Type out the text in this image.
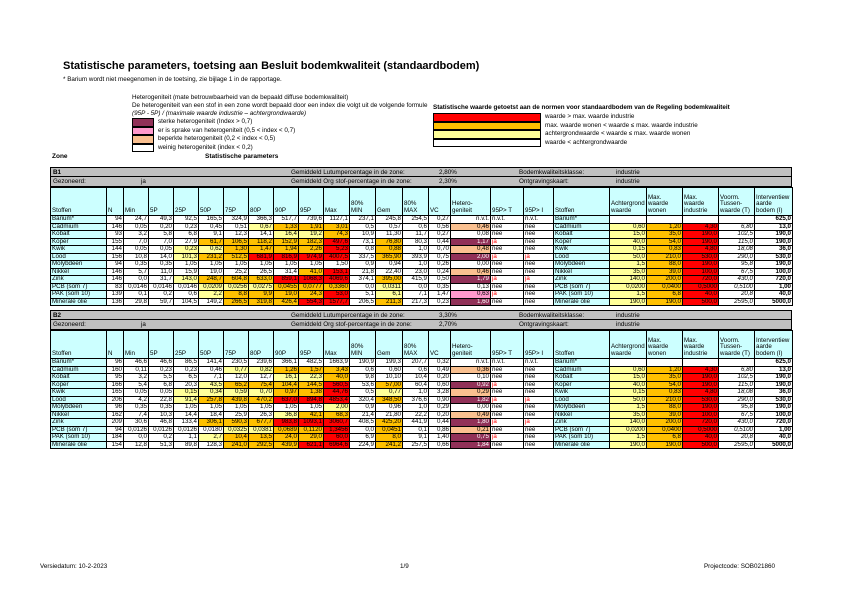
Statistische parameters, toetsing aan Besluit bodemkwaliteit (standaardbodem)
* Barium wordt niet meegenomen in de toetsing, zie bijlage 1 in de rapportage.
Heterogeniteit (mate betrouwbaarheid van de bepaald diffuse bodemkwaliteit)
De heterogeniteit van een stof in een zone wordt bepaald door een index die volgt uit de volgende formule
(95P - 5P) / (maximale waarde industrie – achtergrondwaarde)
sterke heterogeniteit (Index > 0,7)
er is sprake van heterogeniteit (0,5 < index < 0,7)
beperkte heterogeniteit (0,2 < index < 0,5)
weinig heterogeniteit (index < 0,2)
Statistische waarde getoetst aan de normen voor standaardbodem van de Regeling bodemkwaliteit
waarde > max. waarde industrie
max. waarde wonen < waarde ≤ max. waarde industrie
achtergrondwaarde < waarde ≤ max. waarde wonen
waarde < achtergrondwaarde
Zone	Statistische parameters
B1	Gemiddeld Lutumpercentage in de zone:	2,80%	Bodemkwaliteitsklasse:	industrie
Gezoneerd:	ja	Gemiddeld Org stof-percentage in de zone:	2,30%	Ontgravingskaart:	industrie
Stoffen	N	Min	5P	25P	50P	75P	80P	90P	95P	Max	80% MIN	Gem	80% MAX	VC	Hetero- geniteit	95P> T	95P> I	Stoffen	Achtergrond waarde	Max. waarde wonen	Max. waarde industrie	Voorm. Tussen- waarde (T)	Interventiew aarde bodem (I)
Barium*	94	24,7	49,3	92,5	165,5	324,9	366,3	517,7	739,6	1127,1	237,1	245,8	254,5	0,27	n.v.t.	n.v.t.	n.v.t.	Barium*					625,0
Cadmium	146	0,05	0,20	0,23	0,45	0,51	0,67	1,33	1,91	3,01	0,5	0,57	0,6	0,56	0,46	nee	nee	Cadmium	0,60	1,20	4,30	6,80	13,0
Kobalt	93	3,2	5,8	6,8	9,1	12,3	14,1	16,4	19,2	74,3	10,9	11,30	11,7	0,27	0,08	nee	nee	Kobalt	15,0	35,0	190,0	102,5	190,0
Koper	155	7,0	7,0	27,9	61,7	106,5	118,2	152,9	182,3	497,6	73,1	76,80	80,3	0,44	1,17	ja	nee	Koper	40,0	54,0	190,0	115,0	190,0
Kwik	144	0,05	0,05	0,23	0,62	1,30	1,47	1,94	2,26	5,23	0,8	0,88	1,0	0,70	0,48	nee	nee	Kwik	0,15	0,83	4,80	18,08	36,0
Lood	156	10,8	14,0	101,3	231,2	512,5	681,9	816,9	974,9	4007,5	337,5	365,90	393,9	0,75	2,00	ja	ja	Lood	50,0	210,0	530,0	290,0	530,0
Molybdeen	94	0,35	0,35	1,05	1,05	1,05	1,05	1,05	1,05	1,50	0,9	0,94	1,0	0,26	0,00	nee	nee	Molybdeen	1,5	88,0	190,0	95,8	190,0
Nikkel	146	5,7	11,0	15,9	19,0	25,2	26,5	31,4	41,0	153,1	21,8	22,40	23,0	0,24	0,46	nee	nee	Nikkel	35,0	39,0	100,0	67,5	100,0
Zink	146	0,0	31,7	143,0	248,7	604,8	633,0	859,1	1068,3	4069,6	374,1	395,00	415,9	0,50	1,79	ja	ja	Zink	140,0	200,0	720,0	430,0	720,0
PCB (som 7)	83	0,0146	0,0146	0,0146	0,0209	0,0256	0,0275	0,0455	0,0777	0,3360	0,0	0,0311	0,0	0,35	0,13	nee	nee	PCB (som 7)	0,0200	0,0400	0,5000	0,5100	1,00
PAK (som 10)	139	0,1	0,2	0,6	2,2	8,8	9,9	19,0	24,3	53,0	5,1	6,1	7,1	1,47	0,63	ja	nee	PAK (som 10)	1,5	6,8	40,0	20,8	40,0
Minerale olie	136	29,8	59,7	104,5	149,2	266,5	319,8	426,4	554,3	1577,7	206,5	211,3	217,3	0,23	1,60	nee	nee	Minerale olie	190,0	190,0	500,0	2595,0	5000,0
B2	Gemiddeld Lutumpercentage in de zone:	3,30%	Bodemkwaliteitsklasse:	industrie
Gezoneerd:	ja	Gemiddeld Org stof-percentage in de zone:	2,70%	Ontgravingskaart:	industrie
Stoffen	N	Min	5P	25P	50P	75P	80P	90P	95P	Max	80% MIN	Gem	80% MAX	VC	Hetero- geniteit	95P> T	95P> I	Stoffen	Achtergrond waarde	Max. waarde wonen	Max. waarde industrie	Voorm. Tussen- waarde (T)	Interventiew aarde bodem (I)
Barium*	96	46,6	46,6	86,5	141,4	230,5	239,6	366,1	482,5	1663,9	190,9	199,3	207,7	0,32	n.v.t.	n.v.t.	n.v.t.	Barium*					625,0
Cadmium	160	0,11	0,23	0,23	0,46	0,77	0,82	1,26	1,57	3,43	0,6	0,60	0,6	0,49	0,36	nee	nee	Cadmium	0,60	1,20	4,30	6,80	13,0
Kobalt	95	3,2	5,5	6,5	7,1	12,0	12,7	16,1	22,3	40,0	9,8	10,10	10,4	0,20	0,10	nee	nee	Kobalt	15,0	35,0	190,0	102,5	190,0
Koper	166	5,4	6,8	20,3	43,5	65,2	75,4	104,4	144,5	560,5	53,6	57,00	60,4	0,60	0,92	ja	nee	Koper	40,0	54,0	190,0	115,0	190,0
Kwik	165	0,05	0,05	0,15	0,34	0,59	0,70	0,97	1,38	44,76	0,5	0,77	1,0	3,28	0,29	nee	nee	Kwik	0,15	0,83	4,80	18,08	36,0
Lood	206	4,2	22,8	91,4	257,8	439,8	470,2	637,0	894,8	4853,4	320,4	348,50	376,6	0,90	1,82	ja	ja	Lood	50,0	210,0	530,0	290,0	530,0
Molybdeen	96	0,35	0,35	1,05	1,05	1,05	1,05	1,05	1,05	2,00	0,9	0,96	1,0	0,29	0,00	nee	nee	Molybdeen	1,5	88,0	190,0	95,8	190,0
Nikkel	162	7,4	10,3	14,4	18,4	25,9	26,3	36,8	42,1	68,3	21,4	21,80	22,2	0,20	0,49	nee	nee	Nikkel	35,0	39,0	100,0	67,5	100,0
Zink	209	30,6	46,8	133,4	306,1	590,3	677,7	983,8	1093,1	3060,7	408,5	425,20	441,9	0,44	1,80	ja	ja	Zink	140,0	200,0	720,0	430,0	720,0
PCB (som 7)	94	0,0126	0,0126	0,0126	0,0180	0,0325	0,0381	0,0689	0,1120	1,3456	0,0	0,0451	0,1	0,86	0,21	nee	nee	PCB (som 7)	0,0200	0,0400	0,5000	0,5100	1,00
PAK (som 10)	184	0,0	0,2	1,1	2,7	10,4	13,5	24,0	29,0	60,0	6,9	8,0	9,1	1,40	0,75	ja	nee	PAK (som 10)	1,5	6,8	40,0	20,8	40,0
Minerale olie	154	12,8	51,3	89,8	128,3	241,0	292,5	439,9	621,1	6964,6	224,9	241,2	257,5	0,66	1,84	nee	nee	Minerale olie	190,0	190,0	500,0	2595,0	5000,0
Versiedatum: 10-2-2023	1/9	Projectcode: SOB021860
